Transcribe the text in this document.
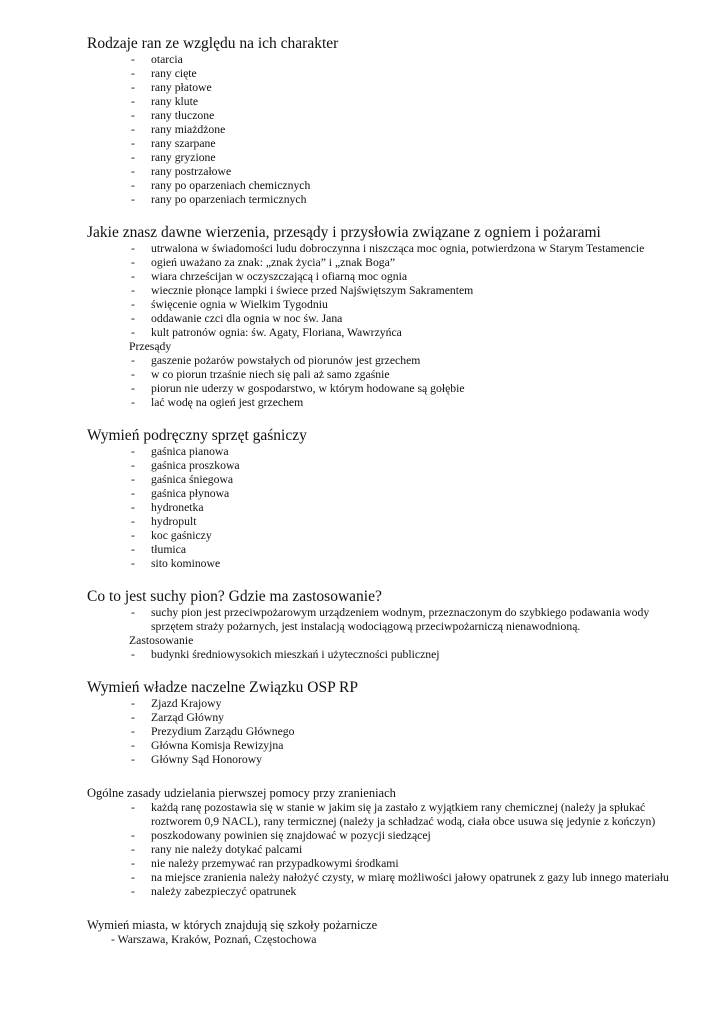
Rodzaje ran ze względu na ich charakter
- otarcia
- rany cięte
- rany płatowe
- rany klute
- rany tłuczone
- rany miażdżone
- rany szarpane
- rany gryzione
- rany postrzałowe
- rany po oparzeniach chemicznych
- rany po oparzeniach termicznych
Jakie znasz dawne wierzenia, przesądy i przysłowia związane z ogniem i pożarami
- utrwalona w świadomości ludu dobroczynna i niszcząca moc ognia, potwierdzona w Starym Testamencie
- ogień uważano za znak: „znak życia” i „znak Boga”
- wiara chrześcijan w oczyszczającą i ofiarną moc ognia
- wiecznie płonące lampki i świece przed Najświętszym Sakramentem
- święcenie ognia w Wielkim Tygodniu
- oddawanie czci dla ognia w noc św. Jana
- kult patronów ognia: św. Agaty, Floriana, Wawrzyńca
Przesądy
- gaszenie pożarów powstałych od piorunów jest grzechem
- w co piorun trzaśnie niech się pali aż samo zgaśnie
- piorun nie uderzy w gospodarstwo, w którym hodowane są gołębie
- lać wodę na ogień jest grzechem
Wymień podręczny sprzęt gaśniczy
- gaśnica pianowa
- gaśnica proszkowa
- gaśnica śniegowa
- gaśnica płynowa
- hydronetka
- hydropult
- koc gaśniczy
- tłumica
- sito kominowe
Co to jest suchy pion? Gdzie ma zastosowanie?
- suchy pion jest przeciwpożarowym urządzeniem wodnym, przeznaczonym do szybkiego podawania wody sprzętem straży pożarnych, jest instalacją wodociągową przeciwpożarniczą nienawodnioną.
Zastosowanie
- budynki średniowysokich mieszkań i użyteczności publicznej
Wymień władze naczelne Związku OSP RP
- Zjazd Krajowy
- Zarząd Główny
- Prezydium Zarządu Głównego
- Główna Komisja Rewizyjna
- Główny Sąd Honorowy
Ogólne zasady udzielania pierwszej pomocy przy zranieniach
- każdą ranę pozostawia się w stanie w jakim się ja zastało z wyjątkiem rany chemicznej (należy ja spłukać roztworem 0,9 NACL), rany termicznej (należy ja schładzać wodą, ciała obce usuwa się jedynie z kończyn)
- poszkodowany powinien się znajdować w pozycji siedzącej
- rany nie należy dotykać palcami
- nie należy przemywać ran przypadkowymi środkami
- na miejsce zranienia należy nałożyć czysty, w miarę możliwości jałowy opatrunek z gazy lub innego materiału
- należy zabezpieczyć opatrunek
Wymień miasta, w których znajdują się szkoły pożarnicze
- Warszawa, Kraków, Poznań, Częstochowa
